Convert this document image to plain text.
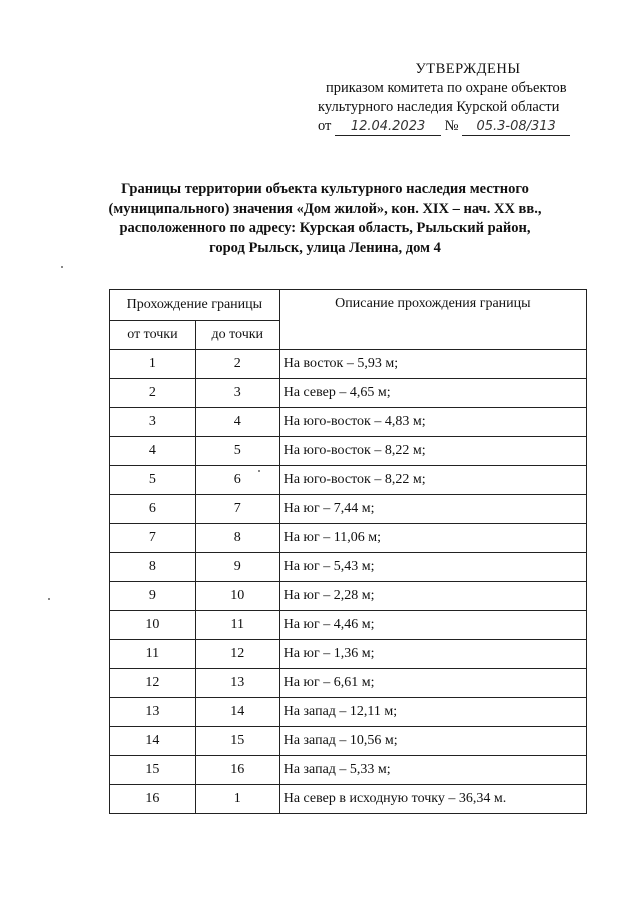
УТВЕРЖДЕНЫ
приказом комитета по охране объектов
культурного наследия Курской области
от 12.04.2023 № 05.3-08/313
Границы территории объекта культурного наследия местного
(муниципального) значения «Дом жилой», кон. XIX – нач. XX вв.,
расположенного по адресу: Курская область, Рыльский район,
город Рыльск, улица Ленина, дом 4
Прохождение границы		Описание прохождения границы
от точки	до точки	
1	2	На восток – 5,93 м;
2	3	На север – 4,65 м;
3	4	На юго-восток – 4,83 м;
4	5	На юго-восток – 8,22 м;
5	6	На юго-восток – 8,22 м;
6	7	На юг – 7,44 м;
7	8	На юг – 11,06 м;
8	9	На юг – 5,43 м;
9	10	На юг – 2,28 м;
10	11	На юг – 4,46 м;
11	12	На юг – 1,36 м;
12	13	На юг – 6,61 м;
13	14	На запад – 12,11 м;
14	15	На запад – 10,56 м;
15	16	На запад – 5,33 м;
16	1	На север в исходную точку – 36,34 м.
